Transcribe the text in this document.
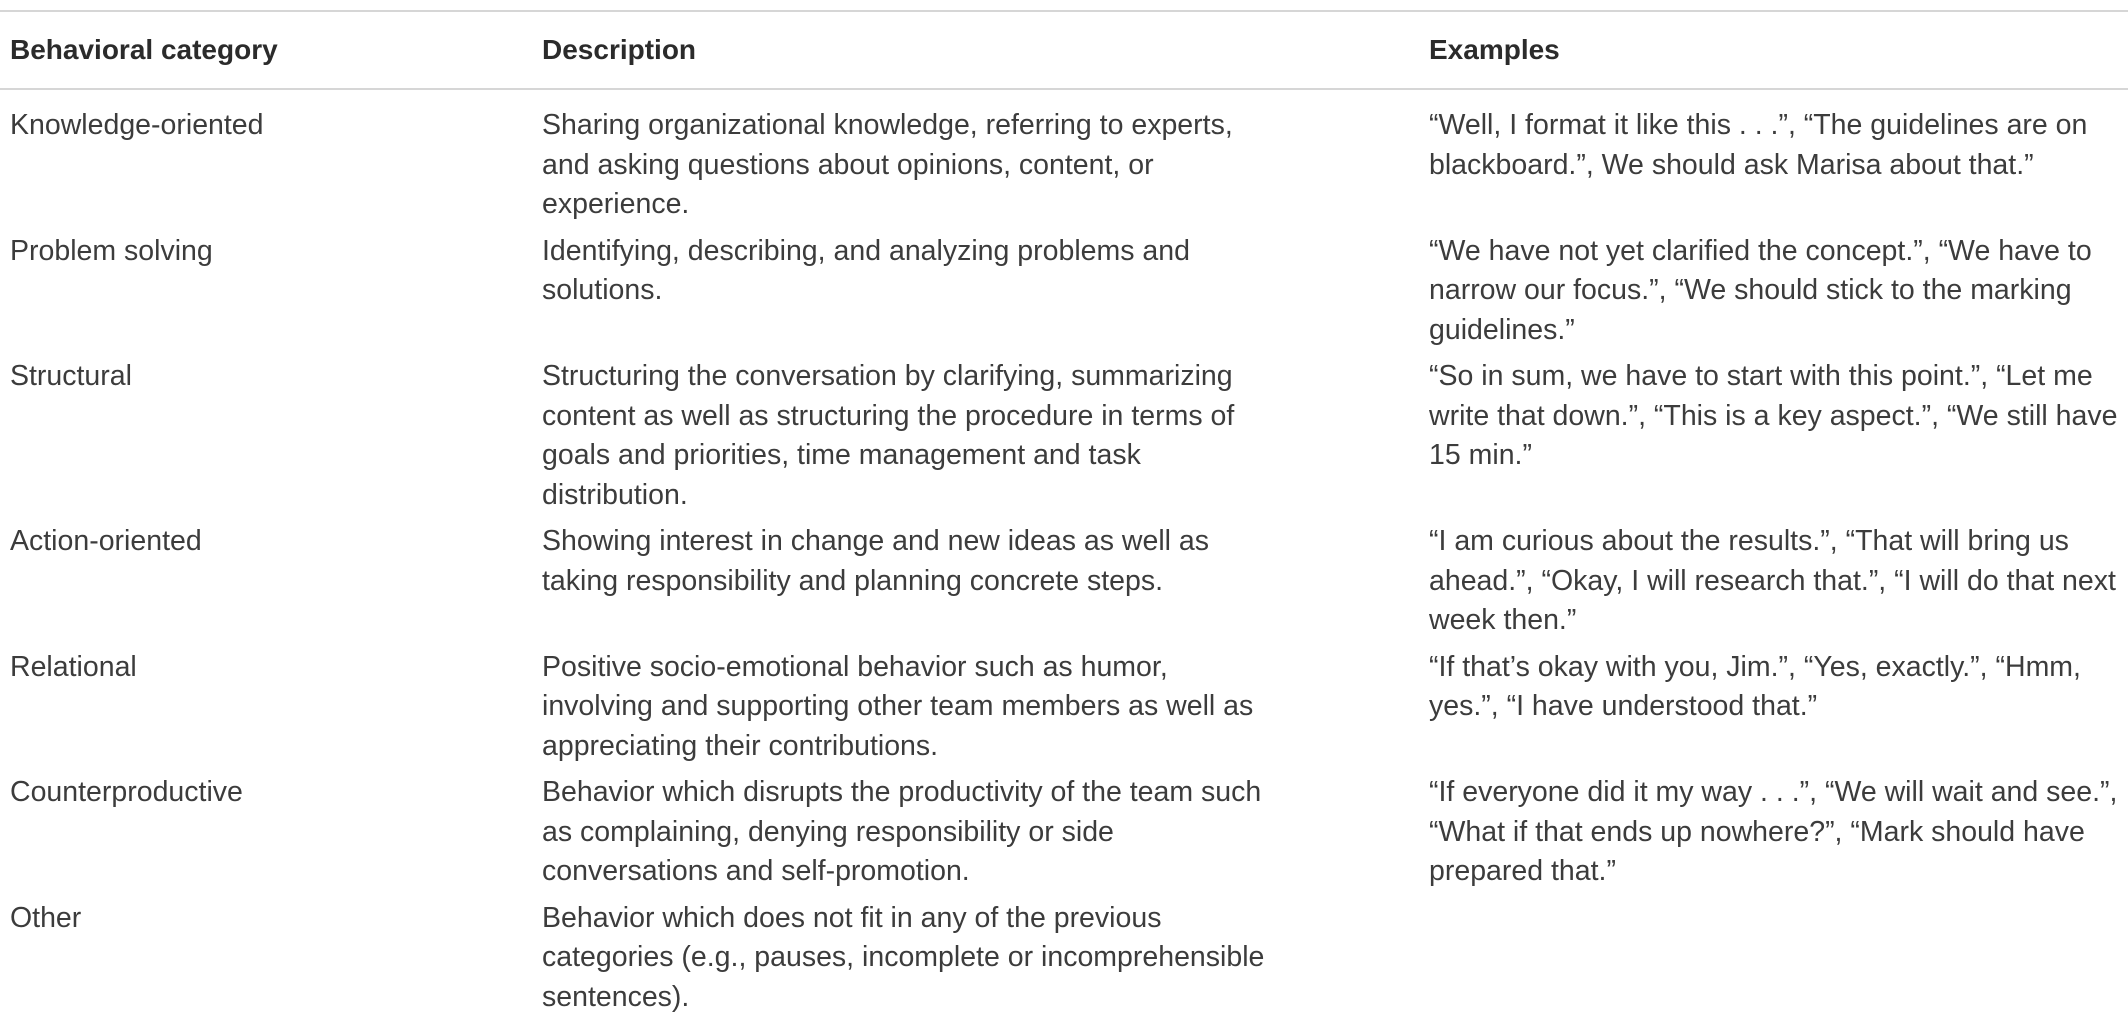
Behavioral category	Description	Examples
Knowledge-oriented	Sharing organizational knowledge, referring to experts, and asking questions about opinions, content, or experience.	“Well, I format it like this . . .”, “The guidelines are on blackboard.”, We should ask Marisa about that.”
Problem solving	Identifying, describing, and analyzing problems and solutions.	“We have not yet clarified the concept.”, “We have to narrow our focus.”, “We should stick to the marking guidelines.”
Structural	Structuring the conversation by clarifying, summarizing content as well as structuring the procedure in terms of goals and priorities, time management and task distribution.	“So in sum, we have to start with this point.”, “Let me write that down.”, “This is a key aspect.”, “We still have 15 min.”
Action-oriented	Showing interest in change and new ideas as well as taking responsibility and planning concrete steps.	“I am curious about the results.”, “That will bring us ahead.”, “Okay, I will research that.”, “I will do that next week then.”
Relational	Positive socio-emotional behavior such as humor, involving and supporting other team members as well as appreciating their contributions.	“If that’s okay with you, Jim.”, “Yes, exactly.”, “Hmm, yes.”, “I have understood that.”
Counterproductive	Behavior which disrupts the productivity of the team such as complaining, denying responsibility or side conversations and self-promotion.	“If everyone did it my way . . .”, “We will wait and see.”, “What if that ends up nowhere?”, “Mark should have prepared that.”
Other	Behavior which does not fit in any of the previous categories (e.g., pauses, incomplete or incomprehensible sentences).	
